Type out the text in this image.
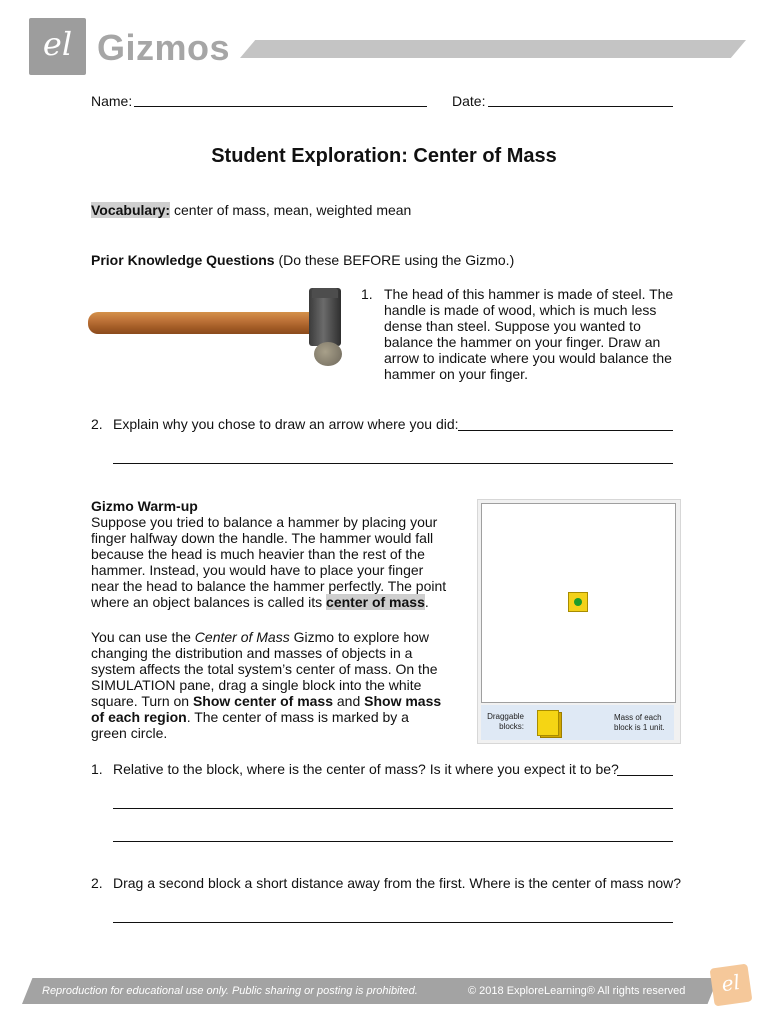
el Gizmos
Name:	Date:
Student Exploration: Center of Mass
Vocabulary: center of mass, mean, weighted mean
Prior Knowledge Questions (Do these BEFORE using the Gizmo.)
1. The head of this hammer is made of steel. The handle is made of wood, which is much less dense than steel. Suppose you wanted to balance the hammer on your finger. Draw an arrow to indicate where you would balance the hammer on your finger.
2. Explain why you chose to draw an arrow where you did:
Gizmo Warm-up
Suppose you tried to balance a hammer by placing your finger halfway down the handle. The hammer would fall because the head is much heavier than the rest of the hammer. Instead, you would have to place your finger near the head to balance the hammer perfectly. The point where an object balances is called its center of mass.
You can use the Center of Mass Gizmo to explore how changing the distribution and masses of objects in a system affects the total system’s center of mass. On the SIMULATION pane, drag a single block into the white square. Turn on Show center of mass and Show mass of each region. The center of mass is marked by a green circle.
Draggable blocks:
Mass of each block is 1 unit.
1. Relative to the block, where is the center of mass? Is it where you expect it to be?
2. Drag a second block a short distance away from the first. Where is the center of mass now?
Reproduction for educational use only. Public sharing or posting is prohibited.	© 2018 ExploreLearning® All rights reserved	el
